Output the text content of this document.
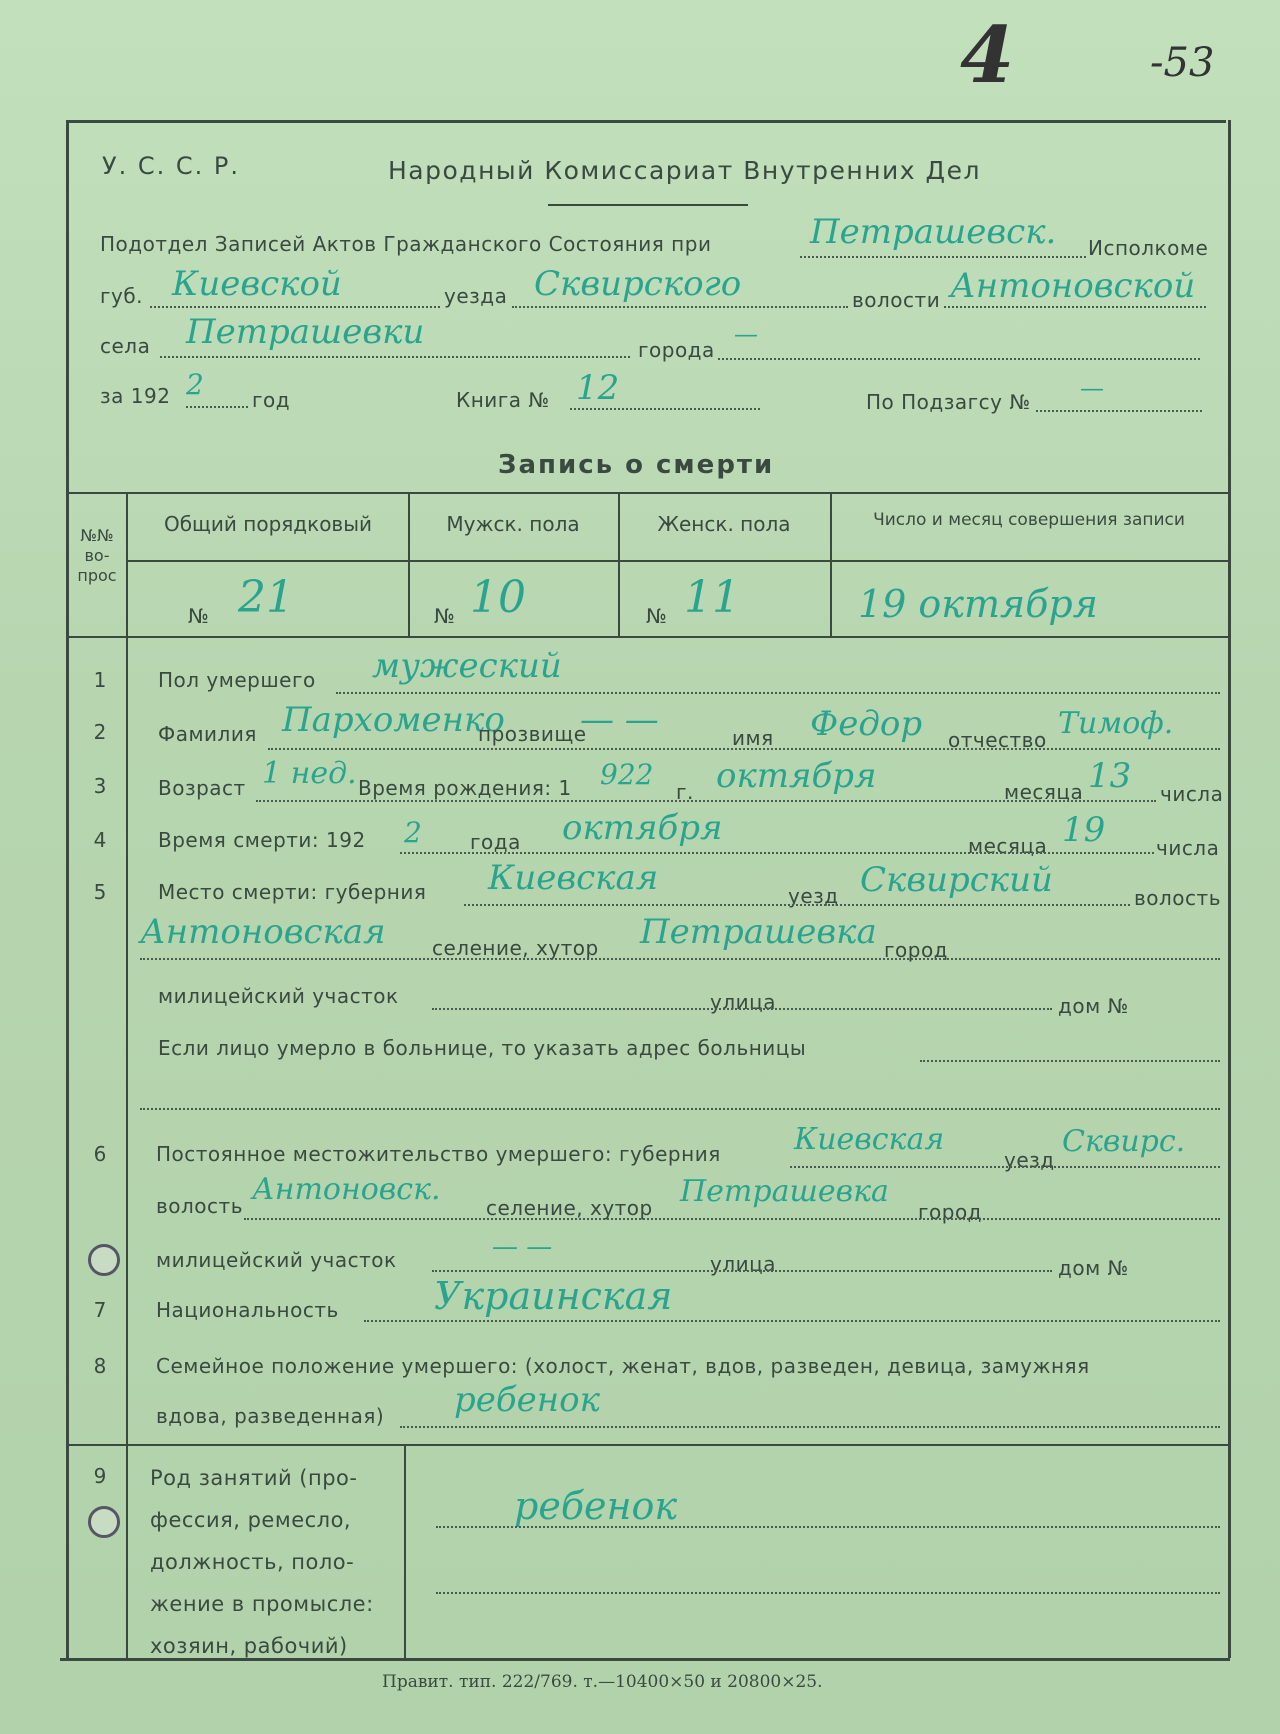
4	-53
У. С. С. Р.	Народный Комиссариат Внутренних Дел
Подотдел Записей Актов Гражданского Состояния при	Петрашевск. Исполкоме
губ. Киевской	уезда Сквирского	волости Антоновской
села Петрашевки	города
—
за 192 2 год	Книга № 12	По Подзагсу № —
Запись о смерти
№№ во-прос
Общий порядковый	Мужск. пола	Женск. пола	Число и месяц совершения записи
№ 21	№ 10	№ 11	19 октября
1	Пол умершего мужеский
2	Фамилия Пархоменко
прозвище
— —	имя Федор отчество Тимоф.
3	Возраст 1 нед. Время рождения: 1 922
г. октября	месяца 13 числа
4	Время смерти: 192 2 года октября	месяца 19	числа
5	Место смерти: губерния Киевская	уезд Сквирский	волость
Антоновская селение, хутор Петрашевка город
милицейский участок	улица	дом №
Если лицо умерло в больнице, то указать адрес больницы
6	Постоянное местожительство умершего: губерния Киевская
уезд
Сквирс.
волость Антоновск.
селение, хутор Петрашевка
город
милицейский участок	— —
улица	дом №
7	Национальность	Украинская
8	Семейное положение умершего: (холост, женат, вдов, разведен, девица, замужняя
вдова, разведенная) ребенок
9	Род занятий (про-
фессия, ремесло,
должность, поло-
жение в промысле:
хозяин, рабочий)
ребенок
Правит. тип. 222/769. т.—10400×50 и 20800×25.
